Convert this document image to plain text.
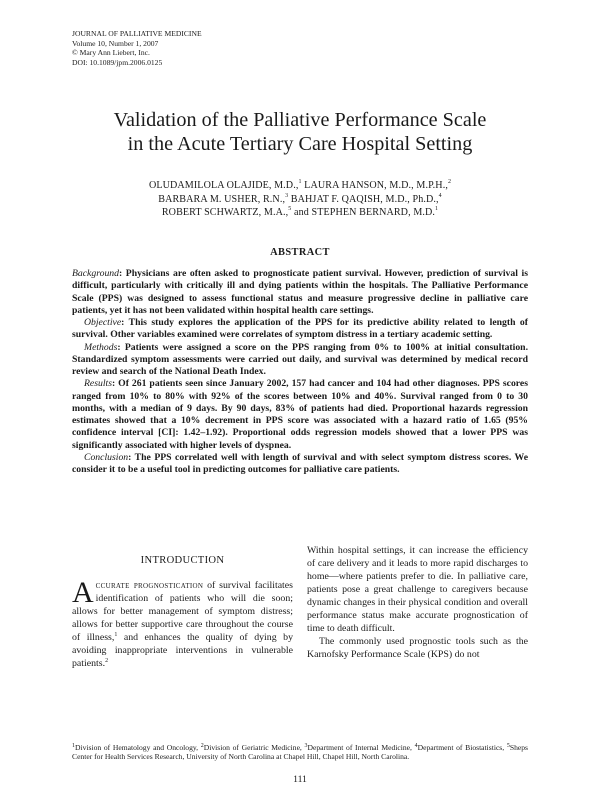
JOURNAL OF PALLIATIVE MEDICINE
Volume 10, Number 1, 2007
© Mary Ann Liebert, Inc.
DOI: 10.1089/jpm.2006.0125
Validation of the Palliative Performance Scale
in the Acute Tertiary Care Hospital Setting
OLUDAMILOLA OLAJIDE, M.D.,$^1$ LAURA HANSON, M.D., M.P.H.,$^2$
BARBARA M. USHER, R.N.,$^3$ BAHJAT F. QAQISH, M.D., Ph.D.,$^4$
ROBERT SCHWARTZ, M.A.,$^5$ and STEPHEN BERNARD, M.D.$^1$
ABSTRACT

Background: Physicians are often asked to prognosticate patient survival. However, prediction of survival is difficult, particularly with critically ill and dying patients within the hospitals. The Palliative Performance Scale (PPS) was designed to assess functional status and measure progressive decline in palliative care patients, yet it has not been validated within hospital health care settings.

Objective: This study explores the application of the PPS for its predictive ability related to length of survival. Other variables examined were correlates of symptom distress in a tertiary academic setting.

Methods: Patients were assigned a score on the PPS ranging from 0% to 100% at initial consultation. Standardized symptom assessments were carried out daily, and survival was determined by medical record review and search of the National Death Index.

Results: Of 261 patients seen since January 2002, 157 had cancer and 104 had other diagnoses. PPS scores ranged from 10% to 80% with 92% of the scores between 10% and 40%. Survival ranged from 0 to 30 months, with a median of 9 days. By 90 days, 83% of patients had died. Proportional hazards regression estimates showed that a 10% decrement in PPS score was associated with a hazard ratio of 1.65 (95% confidence interval [CI]: 1.42–1.92). Proportional odds regression models showed that a lower PPS was significantly associated with higher levels of dyspnea.

Conclusion: The PPS correlated well with length of survival and with select symptom distress scores. We consider it to be a useful tool in predicting outcomes for palliative care patients.

INTRODUCTION

Accurate prognostication of survival facilitates identification of patients who will die soon; allows for better management of symptom distress; allows for better supportive care throughout the course of illness,$^1$ and enhances the quality of dying by avoiding inappropriate interventions in vulnerable patients.$^2$

Within hospital settings, it can increase the efficiency of care delivery and it leads to more rapid discharges to home—where patients prefer to die. In palliative care, patients pose a great challenge to caregivers because dynamic changes in their physical condition and overall performance status make accurate prognostication of time to death difficult.

The commonly used prognostic tools such as the Karnofsky Performance Scale (KPS) do not

$^1$Division of Hematology and Oncology, $^2$Division of Geriatric Medicine, $^3$Department of Internal Medicine, $^4$Department of Biostatistics, $^5$Sheps Center for Health Services Research, University of North Carolina at Chapel Hill, Chapel Hill, North Carolina.
111
